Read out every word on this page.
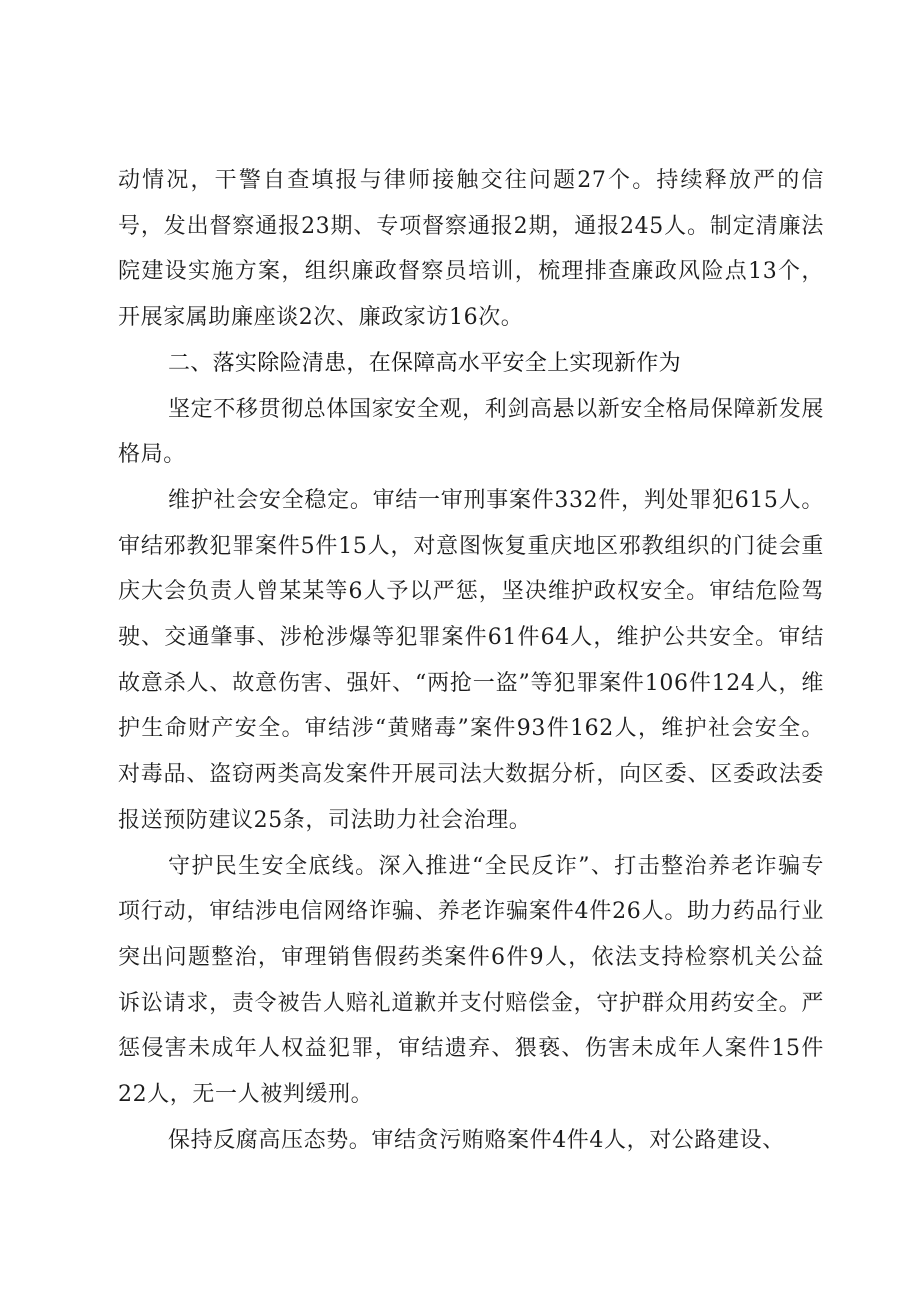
动情况，干警自查填报与律师接触交往问题27个。持续释放严的信号，发出督察通报23期、专项督察通报2期，通报245人。制定清廉法院建设实施方案，组织廉政督察员培训，梳理排查廉政风险点13个，开展家属助廉座谈2次、廉政家访16次。

二、落实除险清患，在保障高水平安全上实现新作为

坚定不移贯彻总体国家安全观，利剑高悬以新安全格局保障新发展格局。

维护社会安全稳定。审结一审刑事案件332件，判处罪犯615人。审结邪教犯罪案件5件15人，对意图恢复重庆地区邪教组织的门徒会重庆大会负责人曾某某等6人予以严惩，坚决维护政权安全。审结危险驾驶、交通肇事、涉枪涉爆等犯罪案件61件64人，维护公共安全。审结故意杀人、故意伤害、强奸、“两抢一盗”等犯罪案件106件124人，维护生命财产安全。审结涉“黄赌毒”案件93件162人，维护社会安全。对毒品、盗窃两类高发案件开展司法大数据分析，向区委、区委政法委报送预防建议25条，司法助力社会治理。

守护民生安全底线。深入推进“全民反诈”、打击整治养老诈骗专项行动，审结涉电信网络诈骗、养老诈骗案件4件26人。助力药品行业突出问题整治，审理销售假药类案件6件9人，依法支持检察机关公益诉讼请求，责令被告人赔礼道歉并支付赔偿金，守护群众用药安全。严惩侵害未成年人权益犯罪，审结遗弃、猥亵、伤害未成年人案件15件22人，无一人被判缓刑。

保持反腐高压态势。审结贪污贿赂案件4件4人，对公路建设、
